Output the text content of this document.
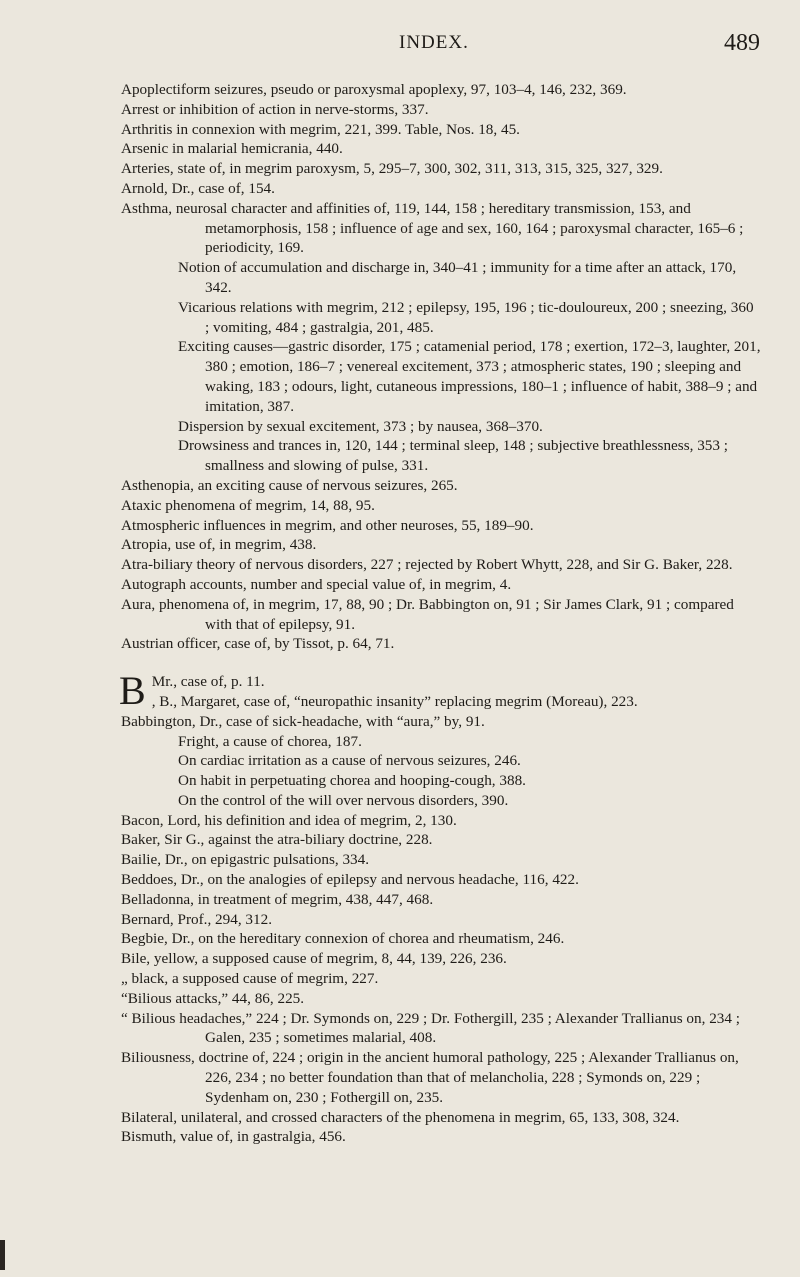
INDEX.	489

Apoplectiform seizures, pseudo or paroxysmal apoplexy, 97, 103–4, 146, 232, 369.

Arrest or inhibition of action in nerve-storms, 337.

Arthritis in connexion with megrim, 221, 399. Table, Nos. 18, 45.

Arsenic in malarial hemicrania, 440.

Arteries, state of, in megrim paroxysm, 5, 295–7, 300, 302, 311, 313, 315, 325, 327, 329.

Arnold, Dr., case of, 154.

Asthma, neurosal character and affinities of, 119, 144, 158 ; hereditary transmission, 153, and metamorphosis, 158 ; influence of age and sex, 160, 164 ; paroxysmal character, 165–6 ; periodicity, 169.

Notion of accumulation and discharge in, 340–41 ; immunity for a time after an attack, 170, 342.

Vicarious relations with megrim, 212 ; epilepsy, 195, 196 ; tic-douloureux, 200 ; sneezing, 360 ; vomiting, 484 ; gastralgia, 201, 485.

Exciting causes—gastric disorder, 175 ; catamenial period, 178 ; exertion, 172–3, laughter, 201, 380 ; emotion, 186–7 ; venereal excitement, 373 ; atmospheric states, 190 ; sleeping and waking, 183 ; odours, light, cutaneous impressions, 180–1 ; influence of habit, 388–9 ; and imitation, 387.

Dispersion by sexual excitement, 373 ; by nausea, 368–370.

Drowsiness and trances in, 120, 144 ; terminal sleep, 148 ; subjective breathlessness, 353 ; smallness and slowing of pulse, 331.

Asthenopia, an exciting cause of nervous seizures, 265.

Ataxic phenomena of megrim, 14, 88, 95.

Atmospheric influences in megrim, and other neuroses, 55, 189–90.

Atropia, use of, in megrim, 438.

Atra-biliary theory of nervous disorders, 227 ; rejected by Robert Whytt, 228, and Sir G. Baker, 228.

Autograph accounts, number and special value of, in megrim, 4.

Aura, phenomena of, in megrim, 17, 88, 90 ; Dr. Babbington on, 91 ; Sir James Clark, 91 ; compared with that of epilepsy, 91.

Austrian officer, case of, by Tissot, p. 64, 71.

B Mr., case of, p. 11.

, B., Margaret, case of, “neuropathic insanity” replacing megrim (Moreau), 223.

Babbington, Dr., case of sick-headache, with “aura,” by, 91.

Fright, a cause of chorea, 187.

On cardiac irritation as a cause of nervous seizures, 246.

On habit in perpetuating chorea and hooping-cough, 388.

On the control of the will over nervous disorders, 390.

Bacon, Lord, his definition and idea of megrim, 2, 130.

Baker, Sir G., against the atra-biliary doctrine, 228.

Bailie, Dr., on epigastric pulsations, 334.

Beddoes, Dr., on the analogies of epilepsy and nervous headache, 116, 422.

Belladonna, in treatment of megrim, 438, 447, 468.

Bernard, Prof., 294, 312.

Begbie, Dr., on the hereditary connexion of chorea and rheumatism, 246.

Bile, yellow, a supposed cause of megrim, 8, 44, 139, 226, 236.

„ black, a supposed cause of megrim, 227.

“Bilious attacks,” 44, 86, 225.

“ Bilious headaches,” 224 ; Dr. Symonds on, 229 ; Dr. Fothergill, 235 ; Alexander Trallianus on, 234 ; Galen, 235 ; sometimes malarial, 408.

Biliousness, doctrine of, 224 ; origin in the ancient humoral pathology, 225 ; Alexander Trallianus on, 226, 234 ; no better foundation than that of melancholia, 228 ; Symonds on, 229 ; Sydenham on, 230 ; Fothergill on, 235.

Bilateral, unilateral, and crossed characters of the phenomena in megrim, 65, 133, 308, 324.

Bismuth, value of, in gastralgia, 456.
